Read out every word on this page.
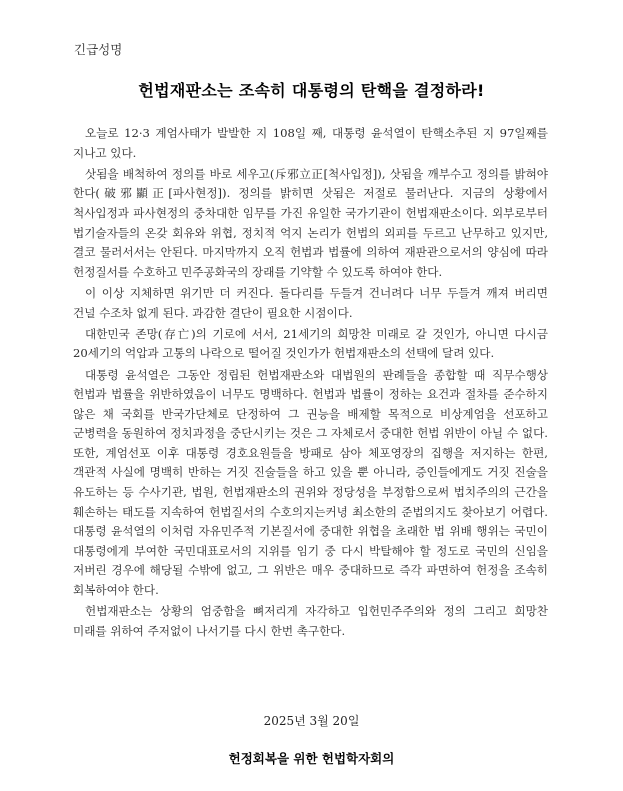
긴급성명
헌법재판소는 조속히 대통령의 탄핵을 결정하라!

오늘로 12·3 계엄사태가 발발한 지 108일 째, 대통령 윤석열이 탄핵소추된 지 97일째를 지나고 있다.

삿됨을 배척하여 정의를 바로 세우고(斥邪立正[척사입정]), 삿됨을 깨부수고 정의를 밝혀야 한다(破邪顯正[파사현정]). 정의를 밝히면 삿됨은 저절로 물러난다. 지금의 상황에서 척사입정과 파사현정의 중차대한 임무를 가진 유일한 국가기관이 헌법재판소이다. 외부로부터 법기술자들의 온갖 회유와 위협, 정치적 억지 논리가 헌법의 외피를 두르고 난무하고 있지만, 결코 물러서서는 안된다. 마지막까지 오직 헌법과 법률에 의하여 재판관으로서의 양심에 따라 헌정질서를 수호하고 민주공화국의 장래를 기약할 수 있도록 하여야 한다.

이 이상 지체하면 위기만 더 커진다. 돌다리를 두들겨 건너려다 너무 두들겨 깨져 버리면 건널 수조차 없게 된다. 과감한 결단이 필요한 시점이다.

대한민국 존망(存亡)의 기로에 서서, 21세기의 희망찬 미래로 갈 것인가, 아니면 다시금 20세기의 억압과 고통의 나락으로 떨어질 것인가가 헌법재판소의 선택에 달려 있다.

대통령 윤석열은 그동안 정립된 헌법재판소와 대법원의 판례들을 종합할 때 직무수행상 헌법과 법률을 위반하였음이 너무도 명백하다. 헌법과 법률이 정하는 요건과 절차를 준수하지 않은 채 국회를 반국가단체로 단정하여 그 권능을 배제할 목적으로 비상계엄을 선포하고 군병력을 동원하여 정치과정을 중단시키는 것은 그 자체로서 중대한 헌법 위반이 아닐 수 없다. 또한, 계엄선포 이후 대통령 경호요원들을 방패로 삼아 체포영장의 집행을 저지하는 한편, 객관적 사실에 명백히 반하는 거짓 진술들을 하고 있을 뿐 아니라, 증인들에게도 거짓 진술을 유도하는 등 수사기관, 법원, 헌법재판소의 권위와 정당성을 부정함으로써 법치주의의 근간을 훼손하는 태도를 지속하여 헌법질서의 수호의지는커녕 최소한의 준법의지도 찾아보기 어렵다. 대통령 윤석열의 이처럼 자유민주적 기본질서에 중대한 위협을 초래한 법 위배 행위는 국민이 대통령에게 부여한 국민대표로서의 지위를 임기 중 다시 박탈해야 할 정도로 국민의 신임을 저버린 경우에 해당될 수밖에 없고, 그 위반은 매우 중대하므로 즉각 파면하여 헌정을 조속히 회복하여야 한다.

헌법재판소는 상황의 엄중함을 뼈저리게 자각하고 입헌민주주의와 정의 그리고 희망찬 미래를 위하여 주저없이 나서기를 다시 한번 촉구한다.

2025년 3월 20일
헌정회복을 위한 헌법학자회의
